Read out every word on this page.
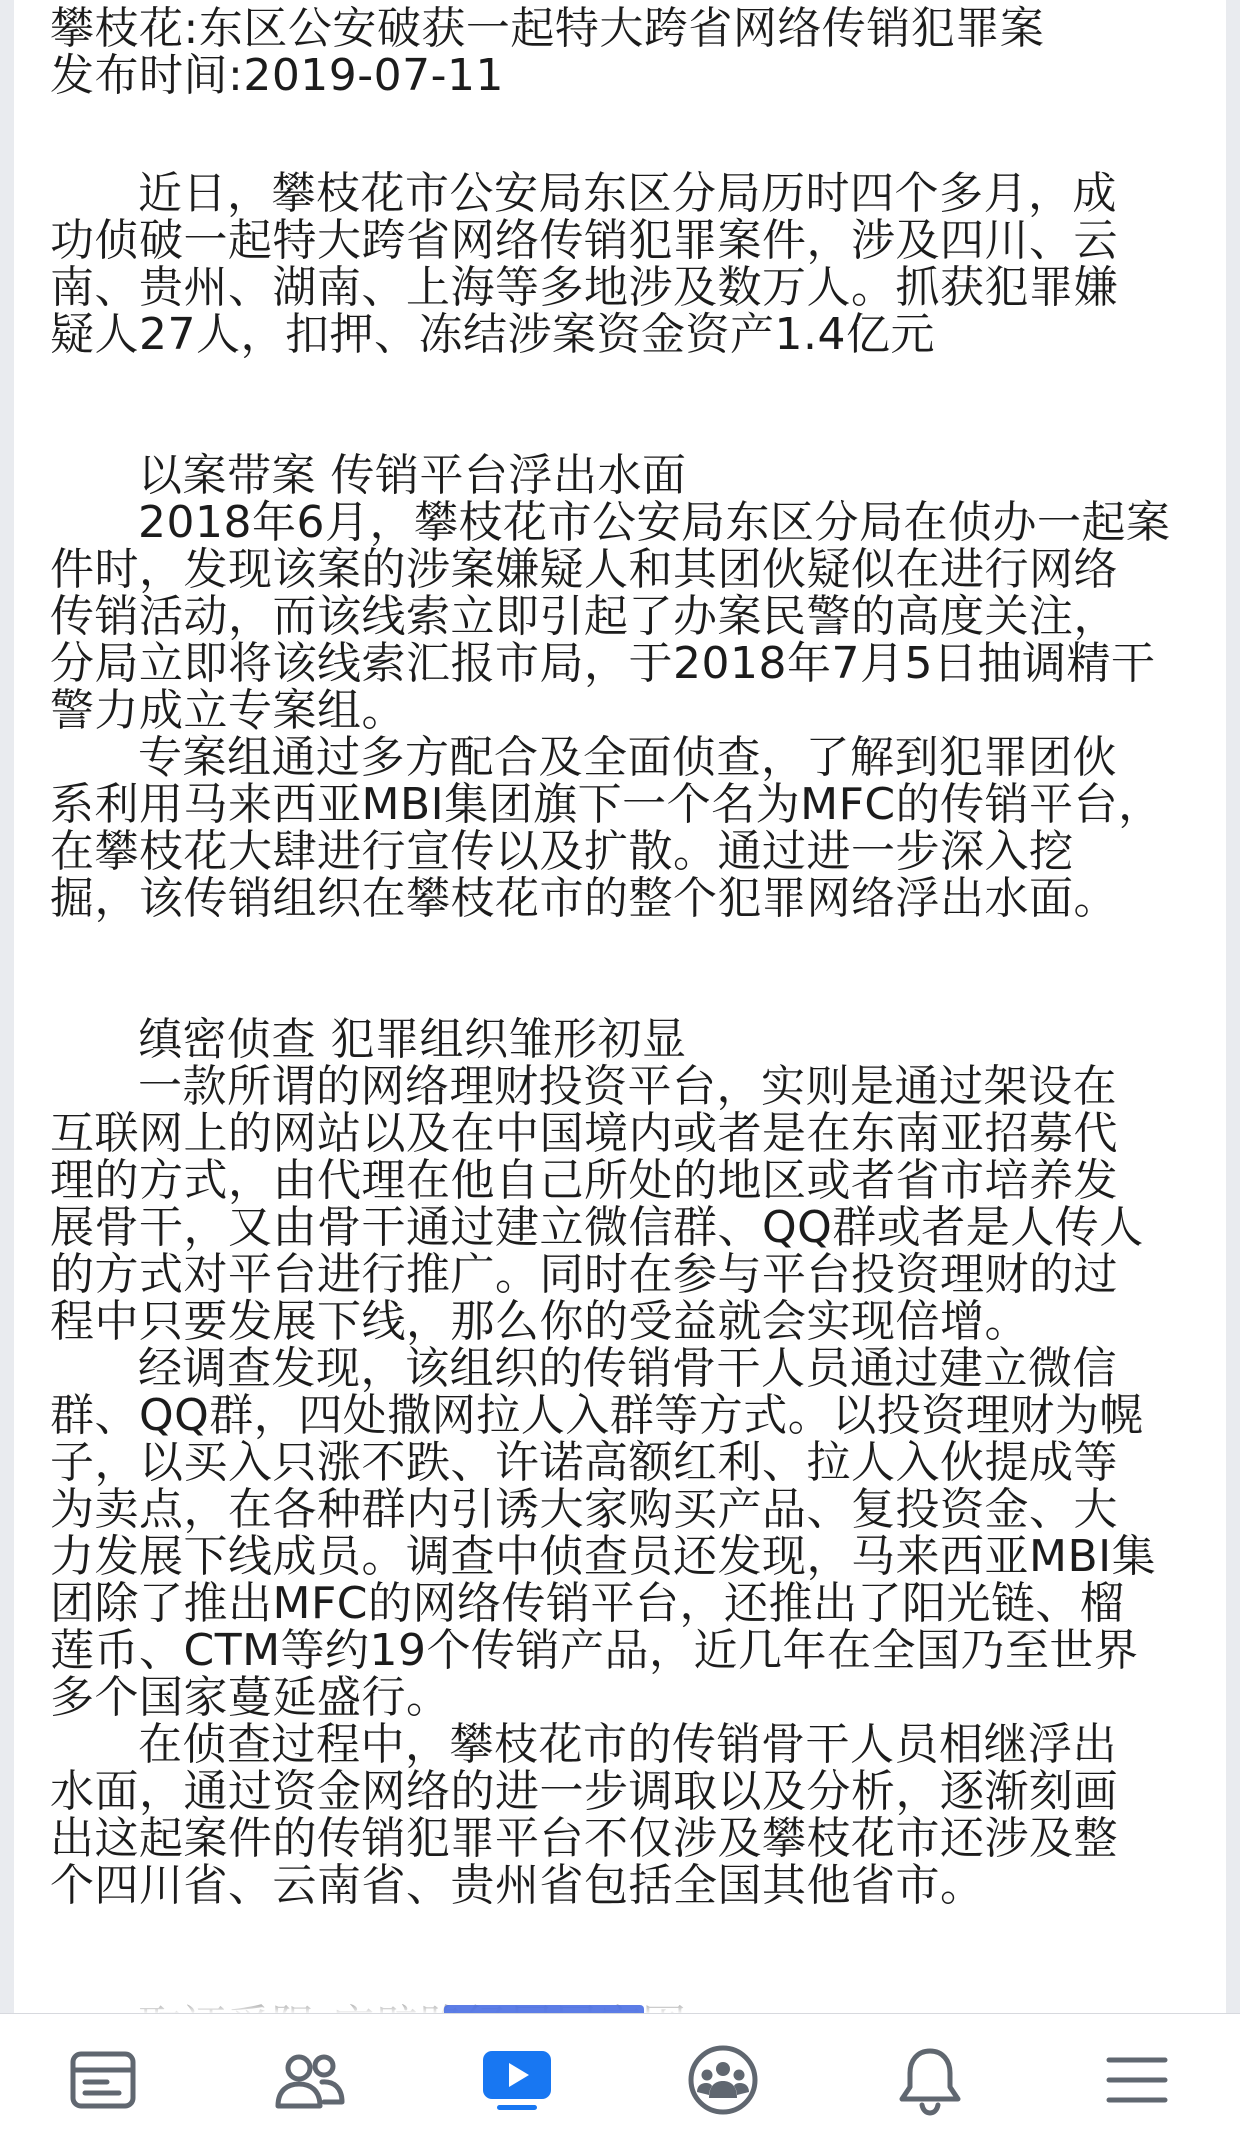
攀枝花:东区公安破获一起特大跨省网络传销犯罪案
发布时间:2019-07-11
近日，攀枝花市公安局东区分局历时四个多月，成
功侦破一起特大跨省网络传销犯罪案件，涉及四川、云
南、贵州、湖南、上海等多地涉及数万人。抓获犯罪嫌
疑人27人，扣押、冻结涉案资金资产1.4亿元
以案带案 传销平台浮出水面
2018年6月，攀枝花市公安局东区分局在侦办一起案
件时，发现该案的涉案嫌疑人和其团伙疑似在进行网络
传销活动，而该线索立即引起了办案民警的高度关注，
分局立即将该线索汇报市局，于2018年7月5日抽调精干
警力成立专案组。
专案组通过多方配合及全面侦查，了解到犯罪团伙
系利用马来西亚MBI集团旗下一个名为MFC的传销平台，
在攀枝花大肆进行宣传以及扩散。通过进一步深入挖
掘，该传销组织在攀枝花市的整个犯罪网络浮出水面。
缜密侦查 犯罪组织雏形初显
一款所谓的网络理财投资平台，实则是通过架设在
互联网上的网站以及在中国境内或者是在东南亚招募代
理的方式，由代理在他自己所处的地区或者省市培养发
展骨干，又由骨干通过建立微信群、QQ群或者是人传人
的方式对平台进行推广。同时在参与平台投资理财的过
程中只要发展下线，那么你的受益就会实现倍增。
经调查发现，该组织的传销骨干人员通过建立微信
群、QQ群，四处撒网拉人入群等方式。以投资理财为幌
子，以买入只涨不跌、许诺高额红利、拉人入伙提成等
为卖点，在各种群内引诱大家购买产品、复投资金、大
力发展下线成员。调查中侦查员还发现，马来西亚MBI集
团除了推出MFC的网络传销平台，还推出了阳光链、榴
莲币、CTM等约19个传销产品，近几年在全国乃至世界
多个国家蔓延盛行。
在侦查过程中，攀枝花市的传销骨干人员相继浮出
水面，通过资金网络的进一步调取以及分析，逐渐刻画
出这起案件的传销犯罪平台不仅涉及攀枝花市还涉及整
个四川省、云南省、贵州省包括全国其他省市。
